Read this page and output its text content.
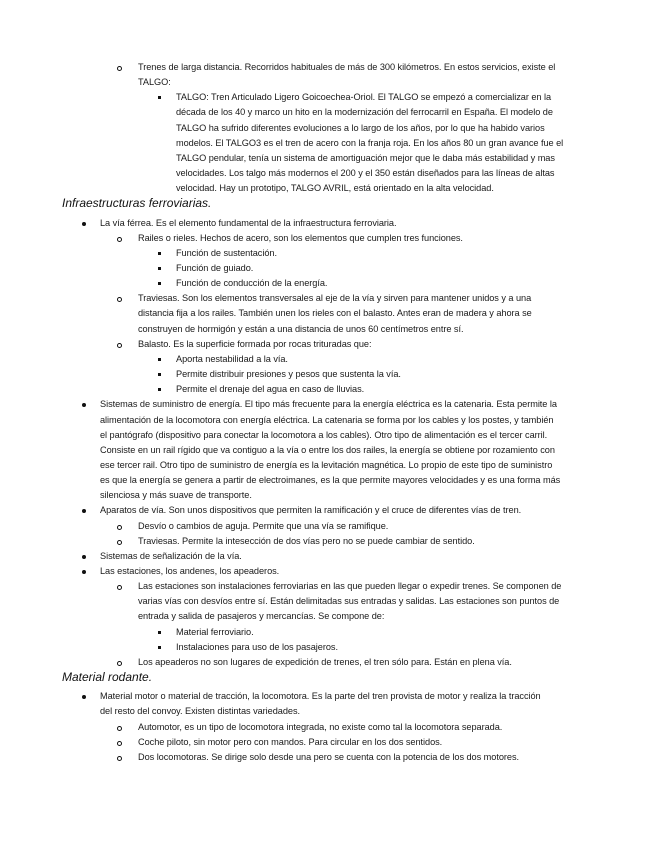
Trenes de larga distancia. Recorridos habituales de más de 300 kilómetros. En estos servicios, existe el
TALGO:
TALGO: Tren Articulado Ligero Goicoechea-Oriol. El TALGO se empezó a comercializar en la
década de los 40 y marco un hito en la modernización del ferrocarril en España. El modelo de
TALGO ha sufrido diferentes evoluciones a lo largo de los años, por lo que ha habido varios
modelos. El TALGO3 es el tren de acero con la franja roja. En los años 80 un gran avance fue el
TALGO pendular, tenía un sistema de amortiguación mejor que le daba más estabilidad y mas
velocidades. Los talgo más modernos el 200 y el 350 están diseñados para las líneas de altas
velocidad. Hay un prototipo, TALGO AVRIL, está orientado en la alta velocidad.
Infraestructuras ferroviarias.
La vía férrea. Es el elemento fundamental de la infraestructura ferroviaria.
Railes o rieles. Hechos de acero, son los elementos que cumplen tres funciones.
Función de sustentación.
Función de guiado.
Función de conducción de la energía.
Traviesas. Son los elementos transversales al eje de la vía y sirven para mantener unidos y a una
distancia fija a los railes. También unen los rieles con el balasto. Antes eran de madera y ahora se
construyen de hormigón y están a una distancia de unos 60 centímetros entre sí.
Balasto. Es la superficie formada por rocas trituradas que:
Aporta nestabilidad a la vía.
Permite distribuir presiones y pesos que sustenta la vía.
Permite el drenaje del agua en caso de lluvias.
Sistemas de suministro de energía. El tipo más frecuente para la energía eléctrica es la catenaria. Esta permite la
alimentación de la locomotora con energía eléctrica. La catenaria se forma por los cables y los postes, y también
el pantógrafo (dispositivo para conectar la locomotora a los cables). Otro tipo de alimentación es el tercer carril.
Consiste en un rail rígido que va contiguo a la vía o entre los dos railes, la energía se obtiene por rozamiento con
ese tercer rail. Otro tipo de suministro de energía es la levitación magnética. Lo propio de este tipo de suministro
es que la energía se genera a partir de electroimanes, es la que permite mayores velocidades y es una forma más
silenciosa y más suave de transporte.
Aparatos de vía. Son unos dispositivos que permiten la ramificación y el cruce de diferentes vías de tren.
Desvío o cambios de aguja. Permite que una vía se ramifique.
Traviesas. Permite la intesección de dos vías pero no se puede cambiar de sentido.
Sistemas de señalización de la vía.
Las estaciones, los andenes, los apeaderos.
Las estaciones son instalaciones ferroviarias en las que pueden llegar o expedir trenes. Se componen de
varias vías con desvíos entre sí. Están delimitadas sus entradas y salidas. Las estaciones son puntos de
entrada y salida de pasajeros y mercancías. Se compone de:
Material ferroviario.
Instalaciones para uso de los pasajeros.
Los apeaderos no son lugares de expedición de trenes, el tren sólo para. Están en plena vía.
Material rodante.
Material motor o material de tracción, la locomotora. Es la parte del tren provista de motor y realiza la tracción
del resto del convoy. Existen distintas variedades.
Automotor, es un tipo de locomotora integrada, no existe como tal la locomotora separada.
Coche piloto, sin motor pero con mandos. Para circular en los dos sentidos.
Dos locomotoras. Se dirige solo desde una pero se cuenta con la potencia de los dos motores.
